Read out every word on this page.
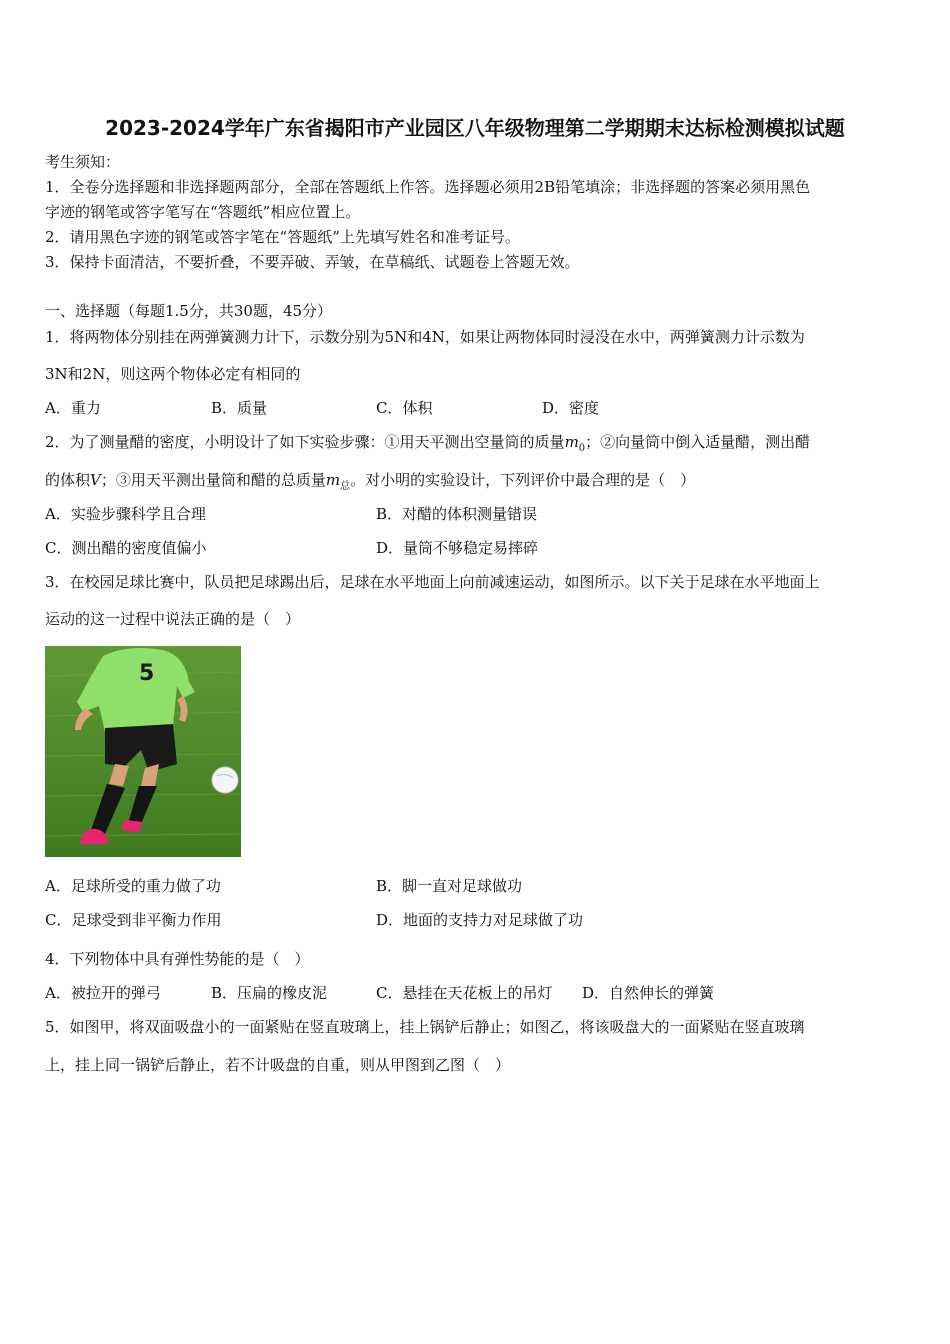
2023-2024学年广东省揭阳市产业园区八年级物理第二学期期末达标检测模拟试题
考生须知：
1．全卷分选择题和非选择题两部分，全部在答题纸上作答。选择题必须用2B铅笔填涂；非选择题的答案必须用黑色
字迹的钢笔或答字笔写在“答题纸”相应位置上。
2．请用黑色字迹的钢笔或答字笔在“答题纸”上先填写姓名和准考证号。
3．保持卡面清洁，不要折叠，不要弄破、弄皱，在草稿纸、试题卷上答题无效。
一、选择题（每题1.5分，共30题，45分）
1．将两物体分别挂在两弹簧测力计下，示数分别为5N和4N，如果让两物体同时浸没在水中，两弹簧测力计示数为
3N和2N，则这两个物体必定有相同的
A．重力	B．质量	C．体积	D．密度
2．为了测量醋的密度，小明设计了如下实验步骤：①用天平测出空量筒的质量$m_0$；②向量筒中倒入适量醋，测出醋
的体积V；③用天平测出量筒和醋的总质量$m_总$。对小明的实验设计，下列评价中最合理的是（　）
A．实验步骤科学且合理	B．对醋的体积测量错误
C．测出醋的密度值偏小	D．量筒不够稳定易摔碎
3．在校园足球比赛中，队员把足球踢出后，足球在水平地面上向前减速运动，如图所示。以下关于足球在水平地面上
运动的这一过程中说法正确的是（　）
5
A．足球所受的重力做了功	B．脚一直对足球做功
C．足球受到非平衡力作用	D．地面的支持力对足球做了功
4．下列物体中具有弹性势能的是（　）
A．被拉开的弹弓	B．压扁的橡皮泥	C．悬挂在天花板上的吊灯 D．自然伸长的弹簧
5．如图甲，将双面吸盘小的一面紧贴在竖直玻璃上，挂上锅铲后静止；如图乙，将该吸盘大的一面紧贴在竖直玻璃
上，挂上同一锅铲后静止，若不计吸盘的自重，则从甲图到乙图（　）
